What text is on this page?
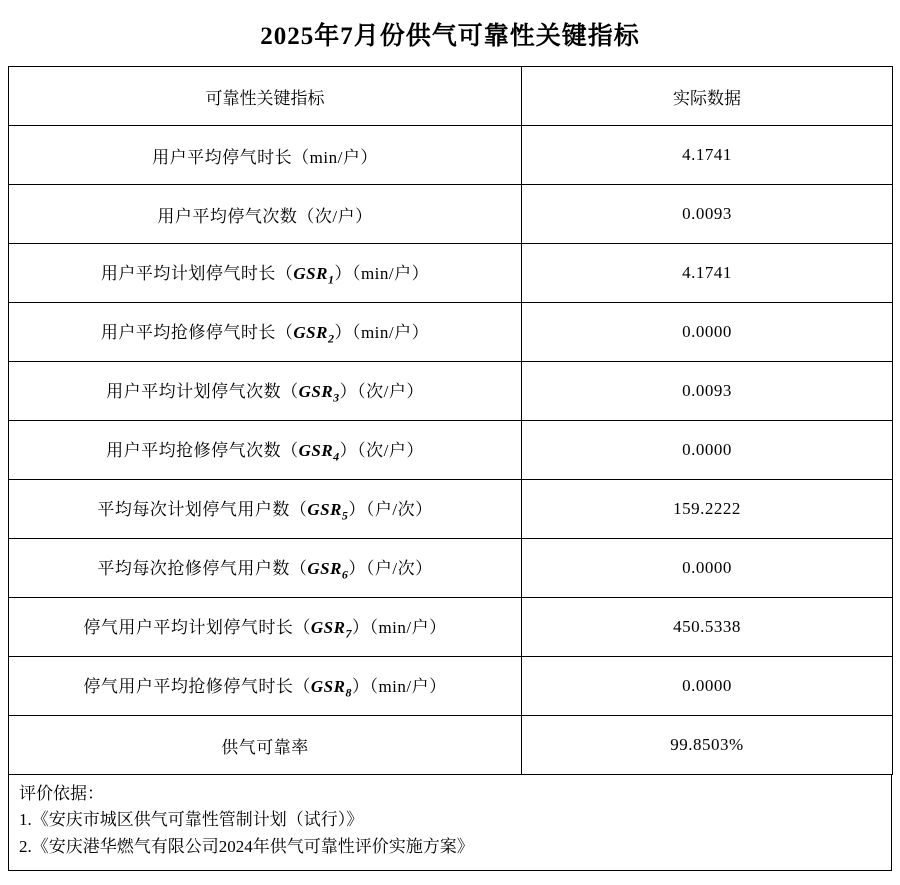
2025年7月份供气可靠性关键指标
可靠性关键指标	实际数据
用户平均停气时长（min/户）	4.1741
用户平均停气次数（次/户）	0.0093
用户平均计划停气时长$(GSR_1)(\min/$户）	4.1741
用户平均抢修停气时长$(GSR_2)(\min/$户）	0.0000
用户平均计划停气次数$(GSR_3)$（次/户）	0.0093
用户平均抢修停气次数$(GSR_4)$（次/户）	0.0000
平均每次计划停气用户数$(GSR_5)$（户/次）	159.2222
平均每次抢修停气用户数$(GSR_6)$（户/次）	0.0000
停气用户平均计划停气时长$(GSR_7)(\min/$户）	450.5338
停气用户平均抢修停气时长$(GSR_8)(\min/$户）	0.0000
供气可靠率	99.8503%
评价依据：
1.《安庆市城区供气可靠性管制计划（试行）》
2.《安庆港华燃气有限公司2024年供气可靠性评价实施方案》
